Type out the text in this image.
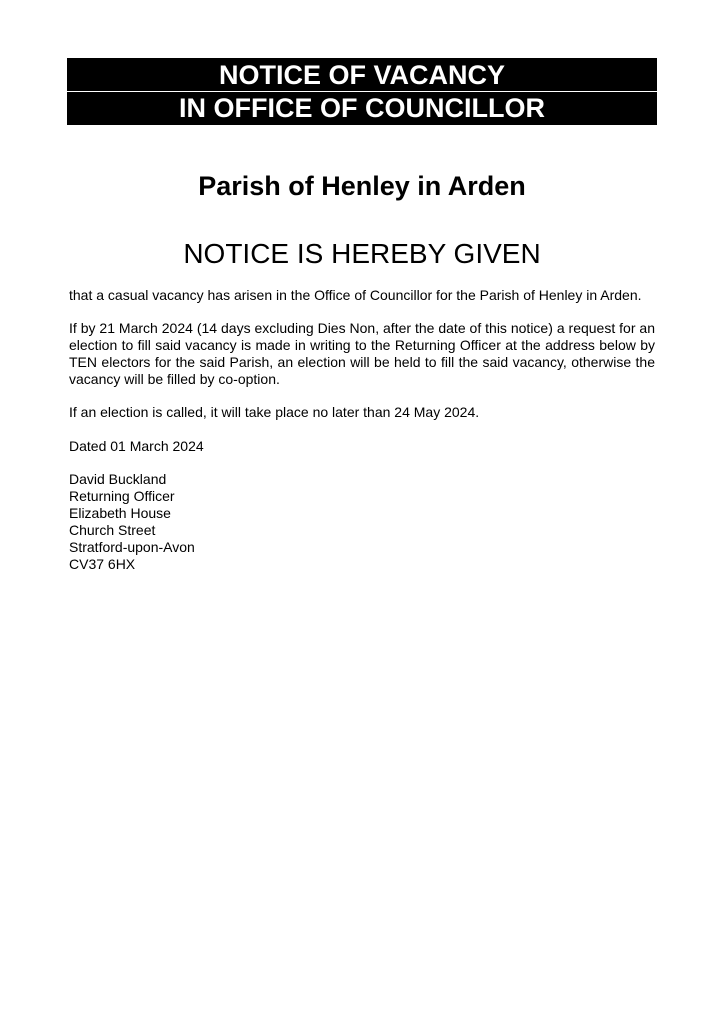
NOTICE OF VACANCY
IN OFFICE OF COUNCILLOR
Parish of Henley in Arden
NOTICE IS HEREBY GIVEN
that a casual vacancy has arisen in the Office of Councillor for the Parish of Henley in Arden.
If by 21 March 2024 (14 days excluding Dies Non, after the date of this notice) a request for an election to fill said vacancy is made in writing to the Returning Officer at the address below by TEN electors for the said Parish, an election will be held to fill the said vacancy, otherwise the vacancy will be filled by co-option.
If an election is called, it will take place no later than 24 May 2024.
Dated 01 March 2024
David Buckland
Returning Officer
Elizabeth House
Church Street
Stratford-upon-Avon
CV37 6HX
